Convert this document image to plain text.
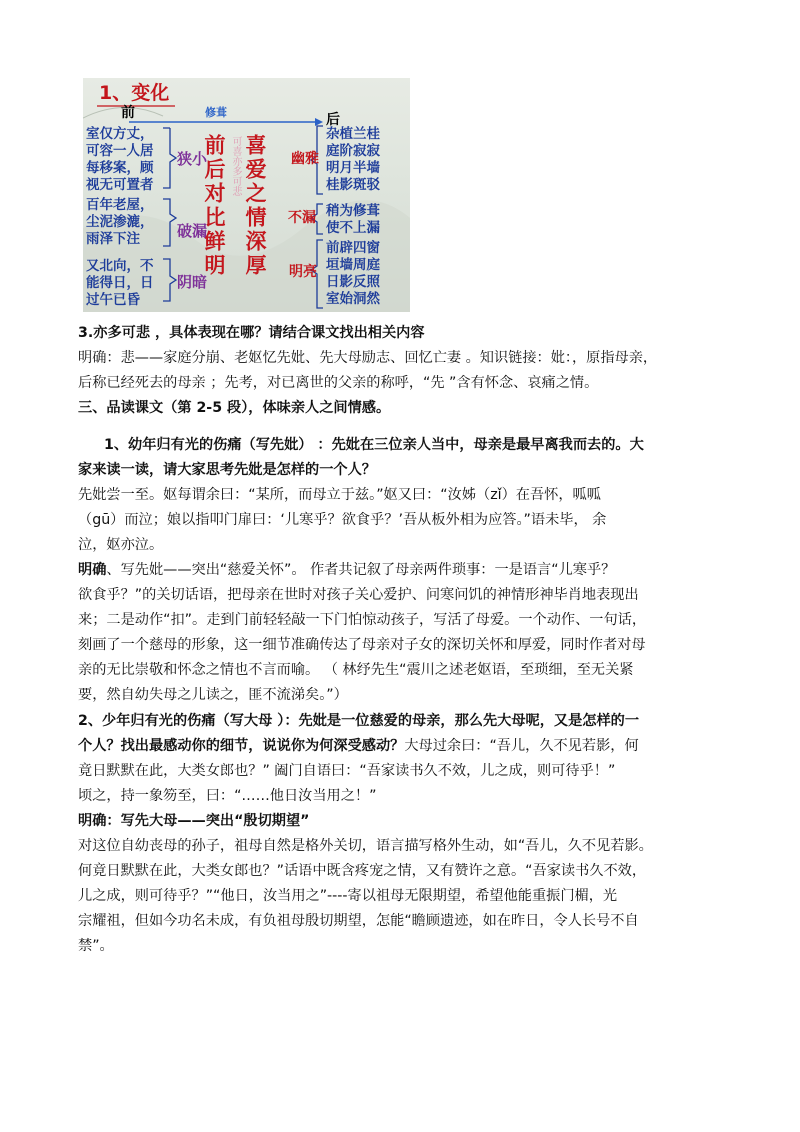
1、变化
前	后
修葺
室仅方丈，
可容一人居
每移案，顾
视无可置者
百年老屋，
尘泥渗漉，
雨泽下注
又北向，不
能得日，日
过午已昏
狭小
破漏
阴暗
前后对比鲜明 可喜亦多可悲 喜爱之情深厚 幽雅
不漏
明亮
杂植兰桂
庭阶寂寂
明月半墙
桂影斑驳
稍为修葺
使不上漏
前辟四窗
垣墙周庭
日影反照
室始洞然
3.亦多可悲 ，具体表现在哪？请结合课文找出相关内容
明确：悲——家庭分崩、老妪忆先妣、先大母励志、回忆亡妻 。知识链接：妣：，原指母亲，
后称已经死去的母亲 ；先考，对已离世的父亲的称呼，“先 ”含有怀念、哀痛之情。
三、品读课文（第 2-5 段），体味亲人之间情感。
1、幼年归有光的伤痛（写先妣） ：先妣在三位亲人当中，母亲是最早离我而去的。大
家来读一读，请大家思考先妣是怎样的一个人？
先妣尝一至。妪每谓余曰：“某所，而母立于兹。”妪又曰：“汝姊（zǐ）在吾怀，呱呱
（gū）而泣；娘以指叩门扉曰：‘儿寒乎？欲食乎？’吾从板外相为应答。”语未毕， 余
泣，妪亦泣。
明确、写先妣——突出“慈爱关怀”。 作者共记叙了母亲两件琐事：一是语言“儿寒乎？
欲食乎？”的关切话语，把母亲在世时对孩子关心爱护、问寒问饥的神情形神毕肖地表现出
来；二是动作“扣”。走到门前轻轻敲一下门怕惊动孩子，写活了母爱。一个动作、一句话，
刻画了一个慈母的形象，这一细节准确传达了母亲对子女的深切关怀和厚爱，同时作者对母
亲的无比崇敬和怀念之情也不言而喻。 （ 林纾先生“震川之述老妪语，至琐细，至无关紧
要，然自幼失母之儿读之，匪不流涕矣。”）
2、少年归有光的伤痛（写大母 ）：先妣是一位慈爱的母亲，那么先大母呢，又是怎样的一
个人？找出最感动你的细节，说说你为何深受感动？大母过余曰：“吾儿，久不见若影，何
竟日默默在此，大类女郎也？” 阖门自语曰：“吾家读书久不效，儿之成，则可待乎！”
顷之，持一象笏至，曰：“……他日汝当用之！”
明确：写先大母——突出“殷切期望”
对这位自幼丧母的孙子，祖母自然是格外关切，语言描写格外生动，如“吾儿，久不见若影。
何竟日默默在此，大类女郎也？”话语中既含疼宠之情，又有赞许之意。“吾家读书久不效，
儿之成，则可待乎？”“他日，汝当用之”----寄以祖母无限期望，希望他能重振门楣，光
宗耀祖，但如今功名未成，有负祖母殷切期望，怎能“瞻顾遗迹，如在昨日，令人长号不自
禁”。
